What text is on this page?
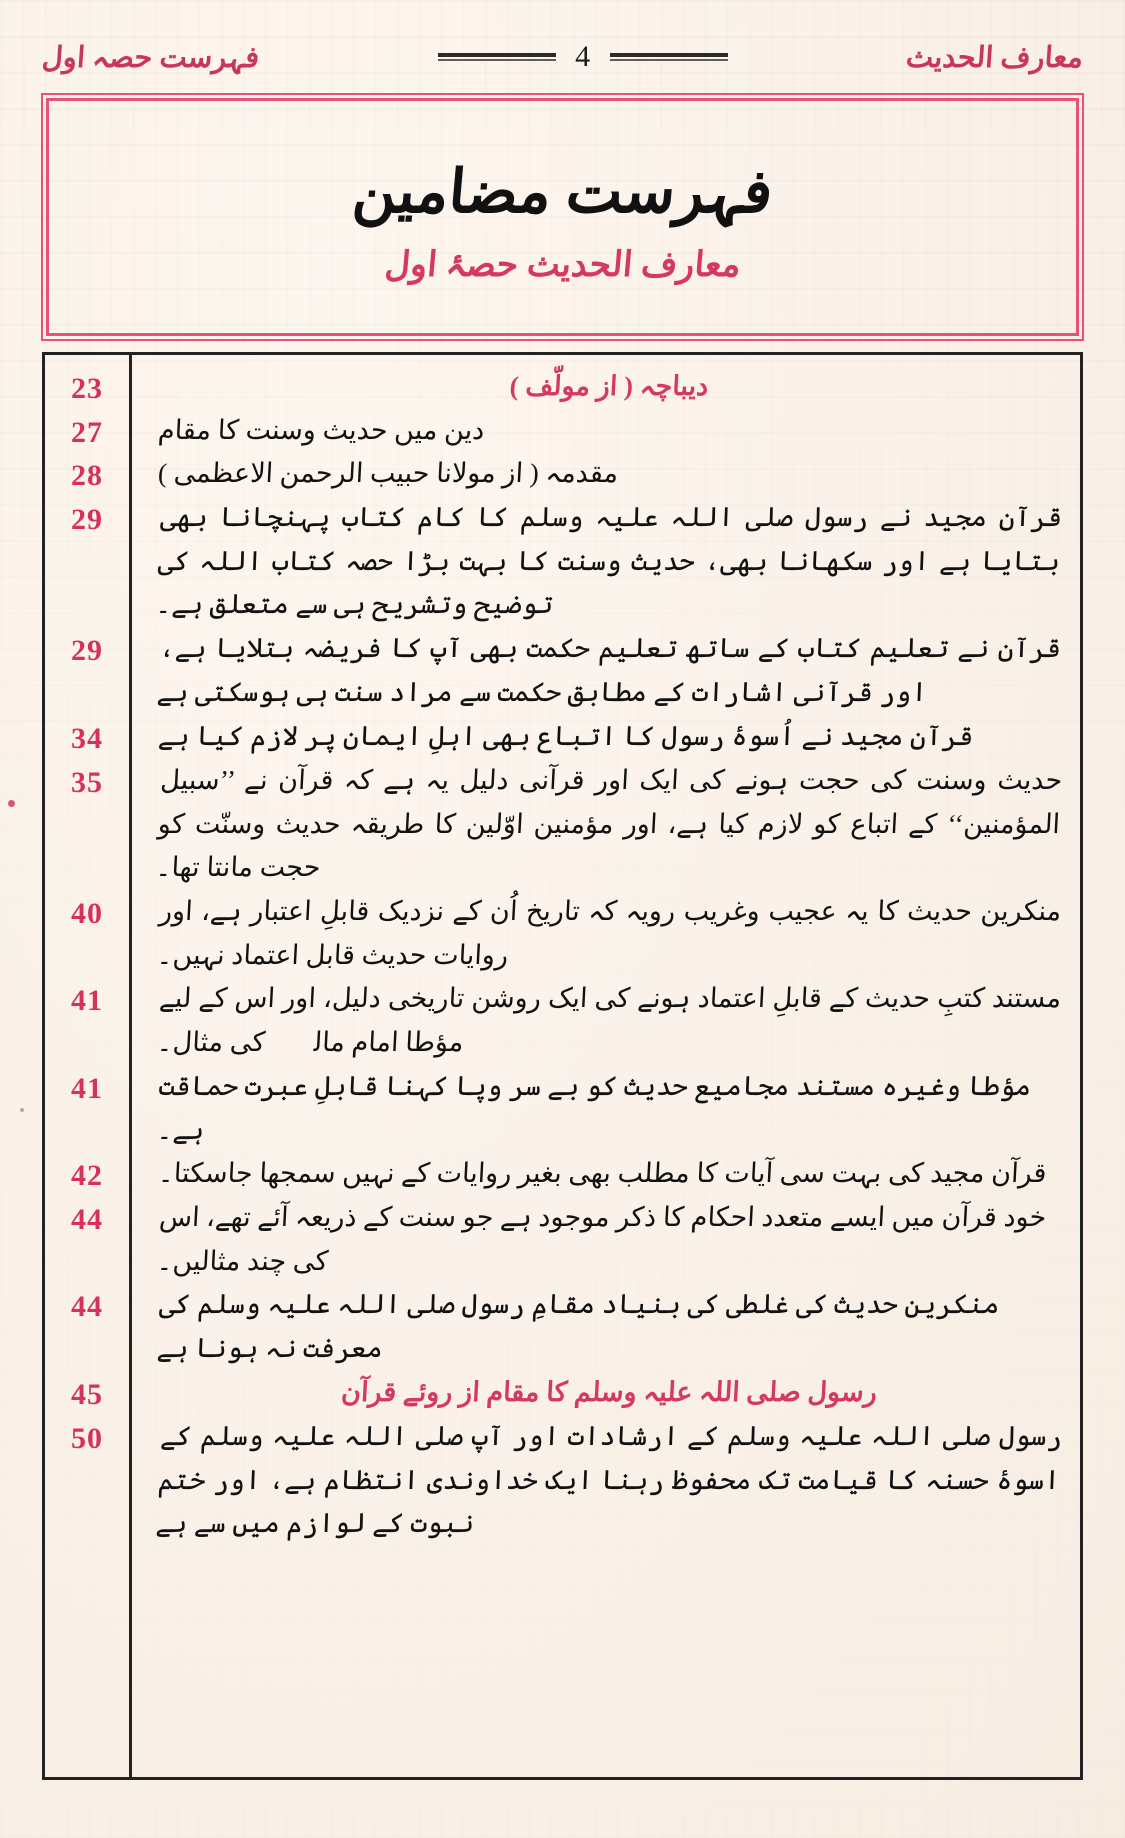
معارف الحدیث
4
فہرست حصہ اول
فہرست مضامین
معارف الحدیث حصۂ اول
دیباچہ ( از مولّف )
دین میں حدیث وسنت کا مقام
مقدمہ ( از مولانا حبیب الرحمن الاعظمی )
قرآن مجید نے رسول صلی اللہ علیہ وسلم کا کام کتاب پہنچانا بھی بتایا ہے اور سکھانا بھی، حدیث وسنت کا بہت بڑا حصہ کتاب اللہ کی توضیح وتشریح ہی سے متعلق ہے۔
قرآن نے تعلیم کتاب کے ساتھ تعلیم حکمت بھی آپ کا فریضہ بتلایا ہے، اور قرآنی اشارات کے مطابق حکمت سے مراد سنت ہی ہوسکتی ہے
قرآن مجید نے اُسوۂ رسول کا اتباع بھی اہلِ ایمان پر لازم کیا ہے
حدیث وسنت کی حجت ہونے کی ایک اور قرآنی دلیل یہ ہے کہ قرآن نے ’’سبیل المؤمنین‘‘ کے اتباع کو لازم کیا ہے، اور مؤمنین اوّلین کا طریقہ حدیث وسنّت کو حجت مانتا تھا۔
منکرین حدیث کا یہ عجیب وغریب رویہ کہ تاریخ اُن کے نزدیک قابلِ اعتبار ہے، اور روایات حدیث قابل اعتماد نہیں۔
مستند کتبِ حدیث کے قابلِ اعتماد ہونے کی ایک روشن تاریخی دلیل، اور اس کے لیے مؤطا امام مالکؒ کی مثال۔
مؤطا وغیرہ مستند مجامیع حدیث کو بے سر وپا کہنا قابلِ عبرت حماقت ہے۔
قرآن مجید کی بہت سی آیات کا مطلب بھی بغیر روایات کے نہیں سمجھا جاسکتا۔
خود قرآن میں ایسے متعدد احکام کا ذکر موجود ہے جو سنت کے ذریعہ آئے تھے، اس کی چند مثالیں۔
منکرین حدیث کی غلطی کی بنیاد مقامِ رسول صلی اللہ علیہ وسلم کی معرفت نہ ہونا ہے
رسول صلی اللہ علیہ وسلم کا مقام از روئے قرآن
رسول صلی اللہ علیہ وسلم کے ارشادات اور آپ صلی اللہ علیہ وسلم کے اسوۂ حسنہ کا قیامت تک محفوظ رہنا ایک خداوندی انتظام ہے، اور ختم نبوت کے لوازم میں سے ہے
23
27
28
29
29
34
35
40
41
41
42
44
44
45
50
